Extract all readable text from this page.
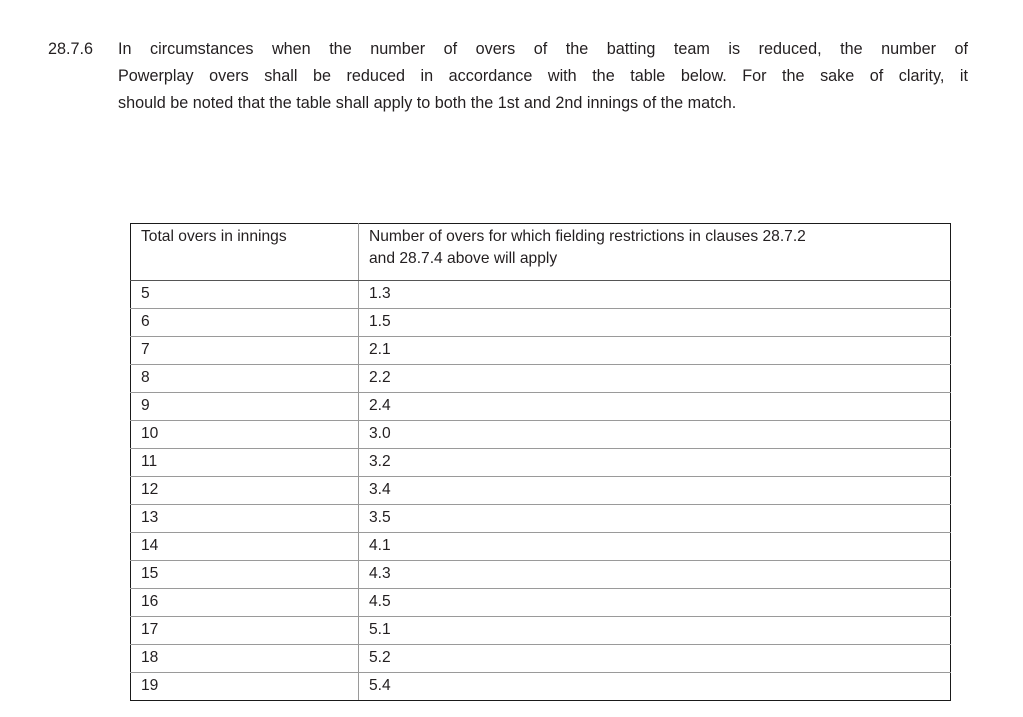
28.7.6	In circumstances when the number of overs of the batting team is reduced, the number of
Powerplay overs shall be reduced in accordance with the table below. For the sake of clarity, it
should be noted that the table shall apply to both the 1st and 2nd innings of the match.
Total overs in innings	Number of overs for which fielding restrictions in clauses 28.7.2
and 28.7.4 above will apply

5	1.3
6	1.5
7	2.1
8	2.2
9	2.4
10	3.0
11	3.2
12	3.4
13	3.5
14	4.1
15	4.3
16	4.5
17	5.1
18	5.2
19	5.4
